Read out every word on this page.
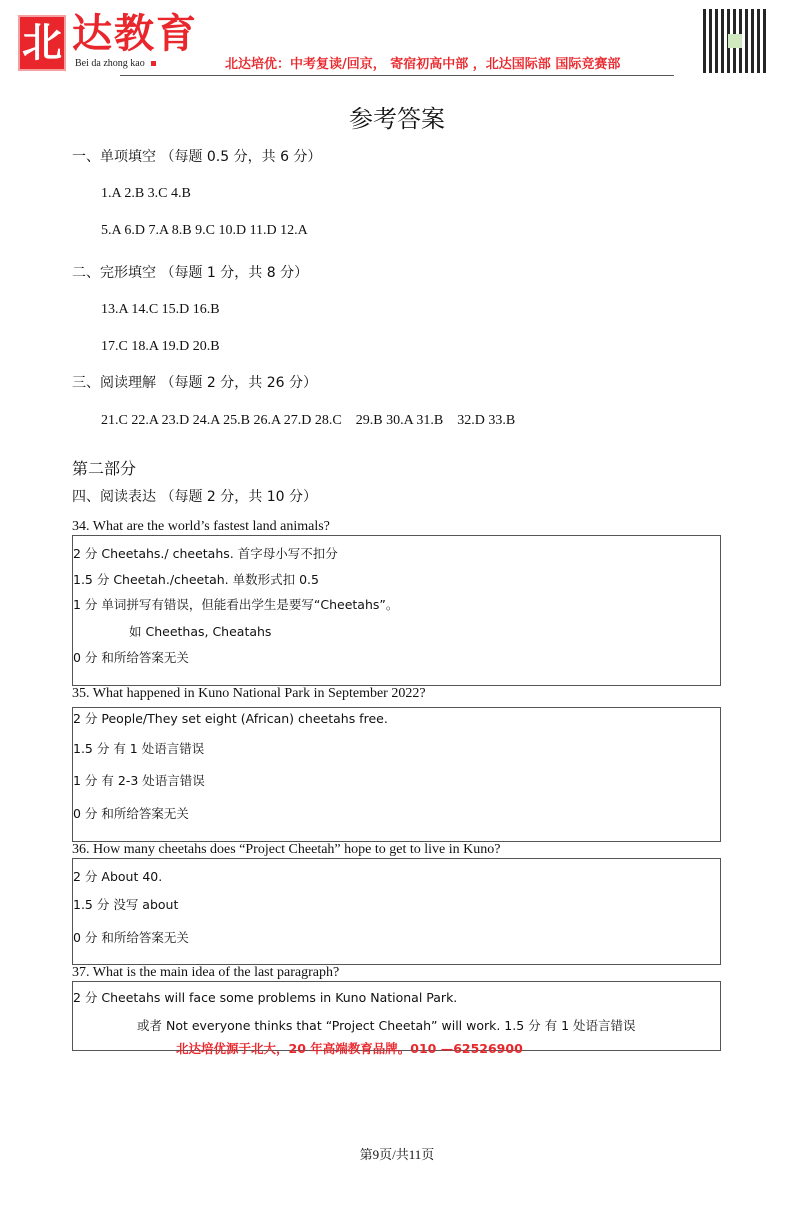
北 达教育
Bei da zhong kao	北达培优：中考复读/回京， 寄宿初高中部 ，北达国际部 国际竞赛部
参考答案
一、单项填空 （每题 0.5 分，共 6 分）
1.A 2.B 3.C 4.B
5.A 6.D 7.A 8.B 9.C 10.D 11.D 12.A
二、完形填空 （每题 1 分，共 8 分）
13.A 14.C 15.D 16.B
17.C 18.A 19.D 20.B
三、阅读理解 （每题 2 分，共 26 分）
21.C 22.A 23.D 24.A 25.B 26.A 27.D 28.C    29.B 30.A 31.B    32.D 33.B
第二部分
四、阅读表达 （每题 2 分，共 10 分）
34. What are the world’s fastest land animals?
2 分 Cheetahs./ cheetahs. 首字母小写不扣分
1.5 分 Cheetah./cheetah. 单数形式扣 0.5
1 分 单词拼写有错误，但能看出学生是要写“Cheetahs”。
如 Cheethas, Cheatahs
0 分 和所给答案无关
35. What happened in Kuno National Park in September 2022?
2 分 People/They set eight (African) cheetahs free.
1.5 分 有 1 处语言错误
1 分 有 2-3 处语言错误
0 分 和所给答案无关
36. How many cheetahs does “Project Cheetah” hope to get to live in Kuno?
2 分 About 40.
1.5 分 没写 about
0 分 和所给答案无关
37. What is the main idea of the last paragraph?
2 分 Cheetahs will face some problems in Kuno National Park.
或者 Not everyone thinks that “Project Cheetah” will work. 1.5 分 有 1 处语言错误
北达培优源于北大，20 年高端教育品牌。010 —62526900
第9页/共11页
